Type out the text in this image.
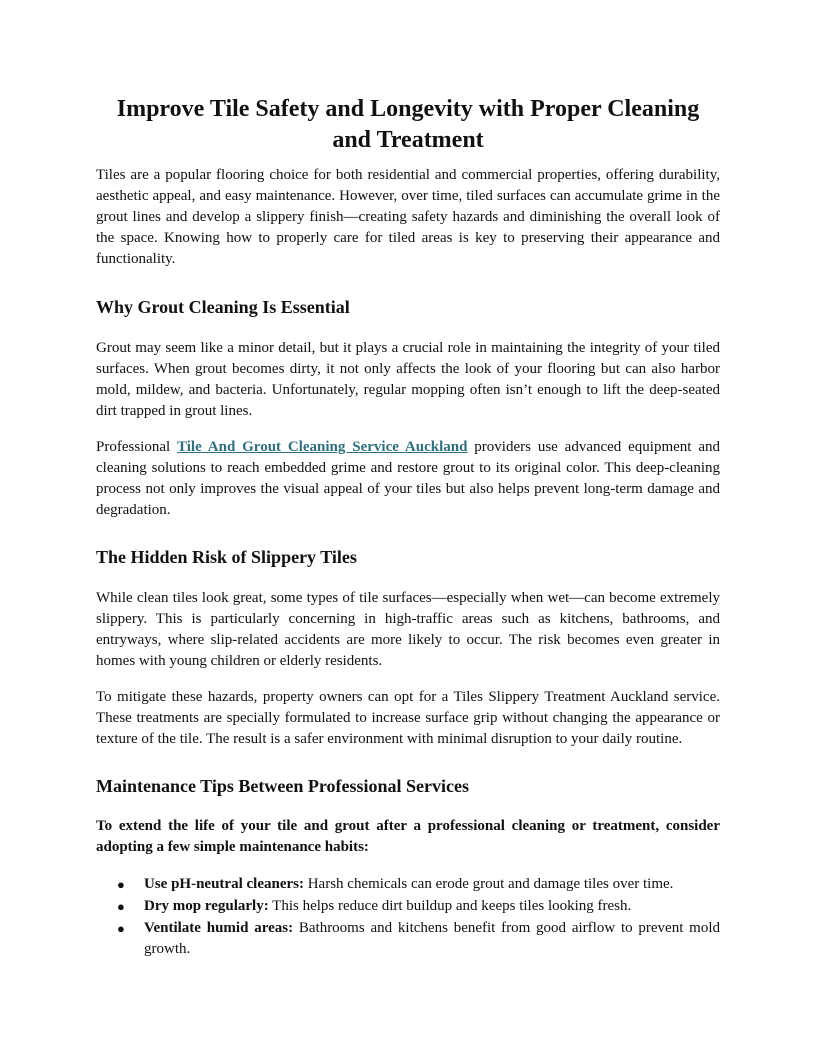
Improve Tile Safety and Longevity with Proper Cleaning and Treatment

Tiles are a popular flooring choice for both residential and commercial properties, offering durability, aesthetic appeal, and easy maintenance. However, over time, tiled surfaces can accumulate grime in the grout lines and develop a slippery finish—creating safety hazards and diminishing the overall look of the space. Knowing how to properly care for tiled areas is key to preserving their appearance and functionality.

Why Grout Cleaning Is Essential

Grout may seem like a minor detail, but it plays a crucial role in maintaining the integrity of your tiled surfaces. When grout becomes dirty, it not only affects the look of your flooring but can also harbor mold, mildew, and bacteria. Unfortunately, regular mopping often isn’t enough to lift the deep-seated dirt trapped in grout lines.

Professional Tile And Grout Cleaning Service Auckland providers use advanced equipment and cleaning solutions to reach embedded grime and restore grout to its original color. This deep-cleaning process not only improves the visual appeal of your tiles but also helps prevent long-term damage and degradation.

The Hidden Risk of Slippery Tiles

While clean tiles look great, some types of tile surfaces—especially when wet—can become extremely slippery. This is particularly concerning in high-traffic areas such as kitchens, bathrooms, and entryways, where slip-related accidents are more likely to occur. The risk becomes even greater in homes with young children or elderly residents.

To mitigate these hazards, property owners can opt for a Tiles Slippery Treatment Auckland service. These treatments are specially formulated to increase surface grip without changing the appearance or texture of the tile. The result is a safer environment with minimal disruption to your daily routine.

Maintenance Tips Between Professional Services

To extend the life of your tile and grout after a professional cleaning or treatment, consider adopting a few simple maintenance habits:

● Use pH-neutral cleaners: Harsh chemicals can erode grout and damage tiles over time.
● Dry mop regularly: This helps reduce dirt buildup and keeps tiles looking fresh.
● Ventilate humid areas: Bathrooms and kitchens benefit from good airflow to prevent mold growth.
